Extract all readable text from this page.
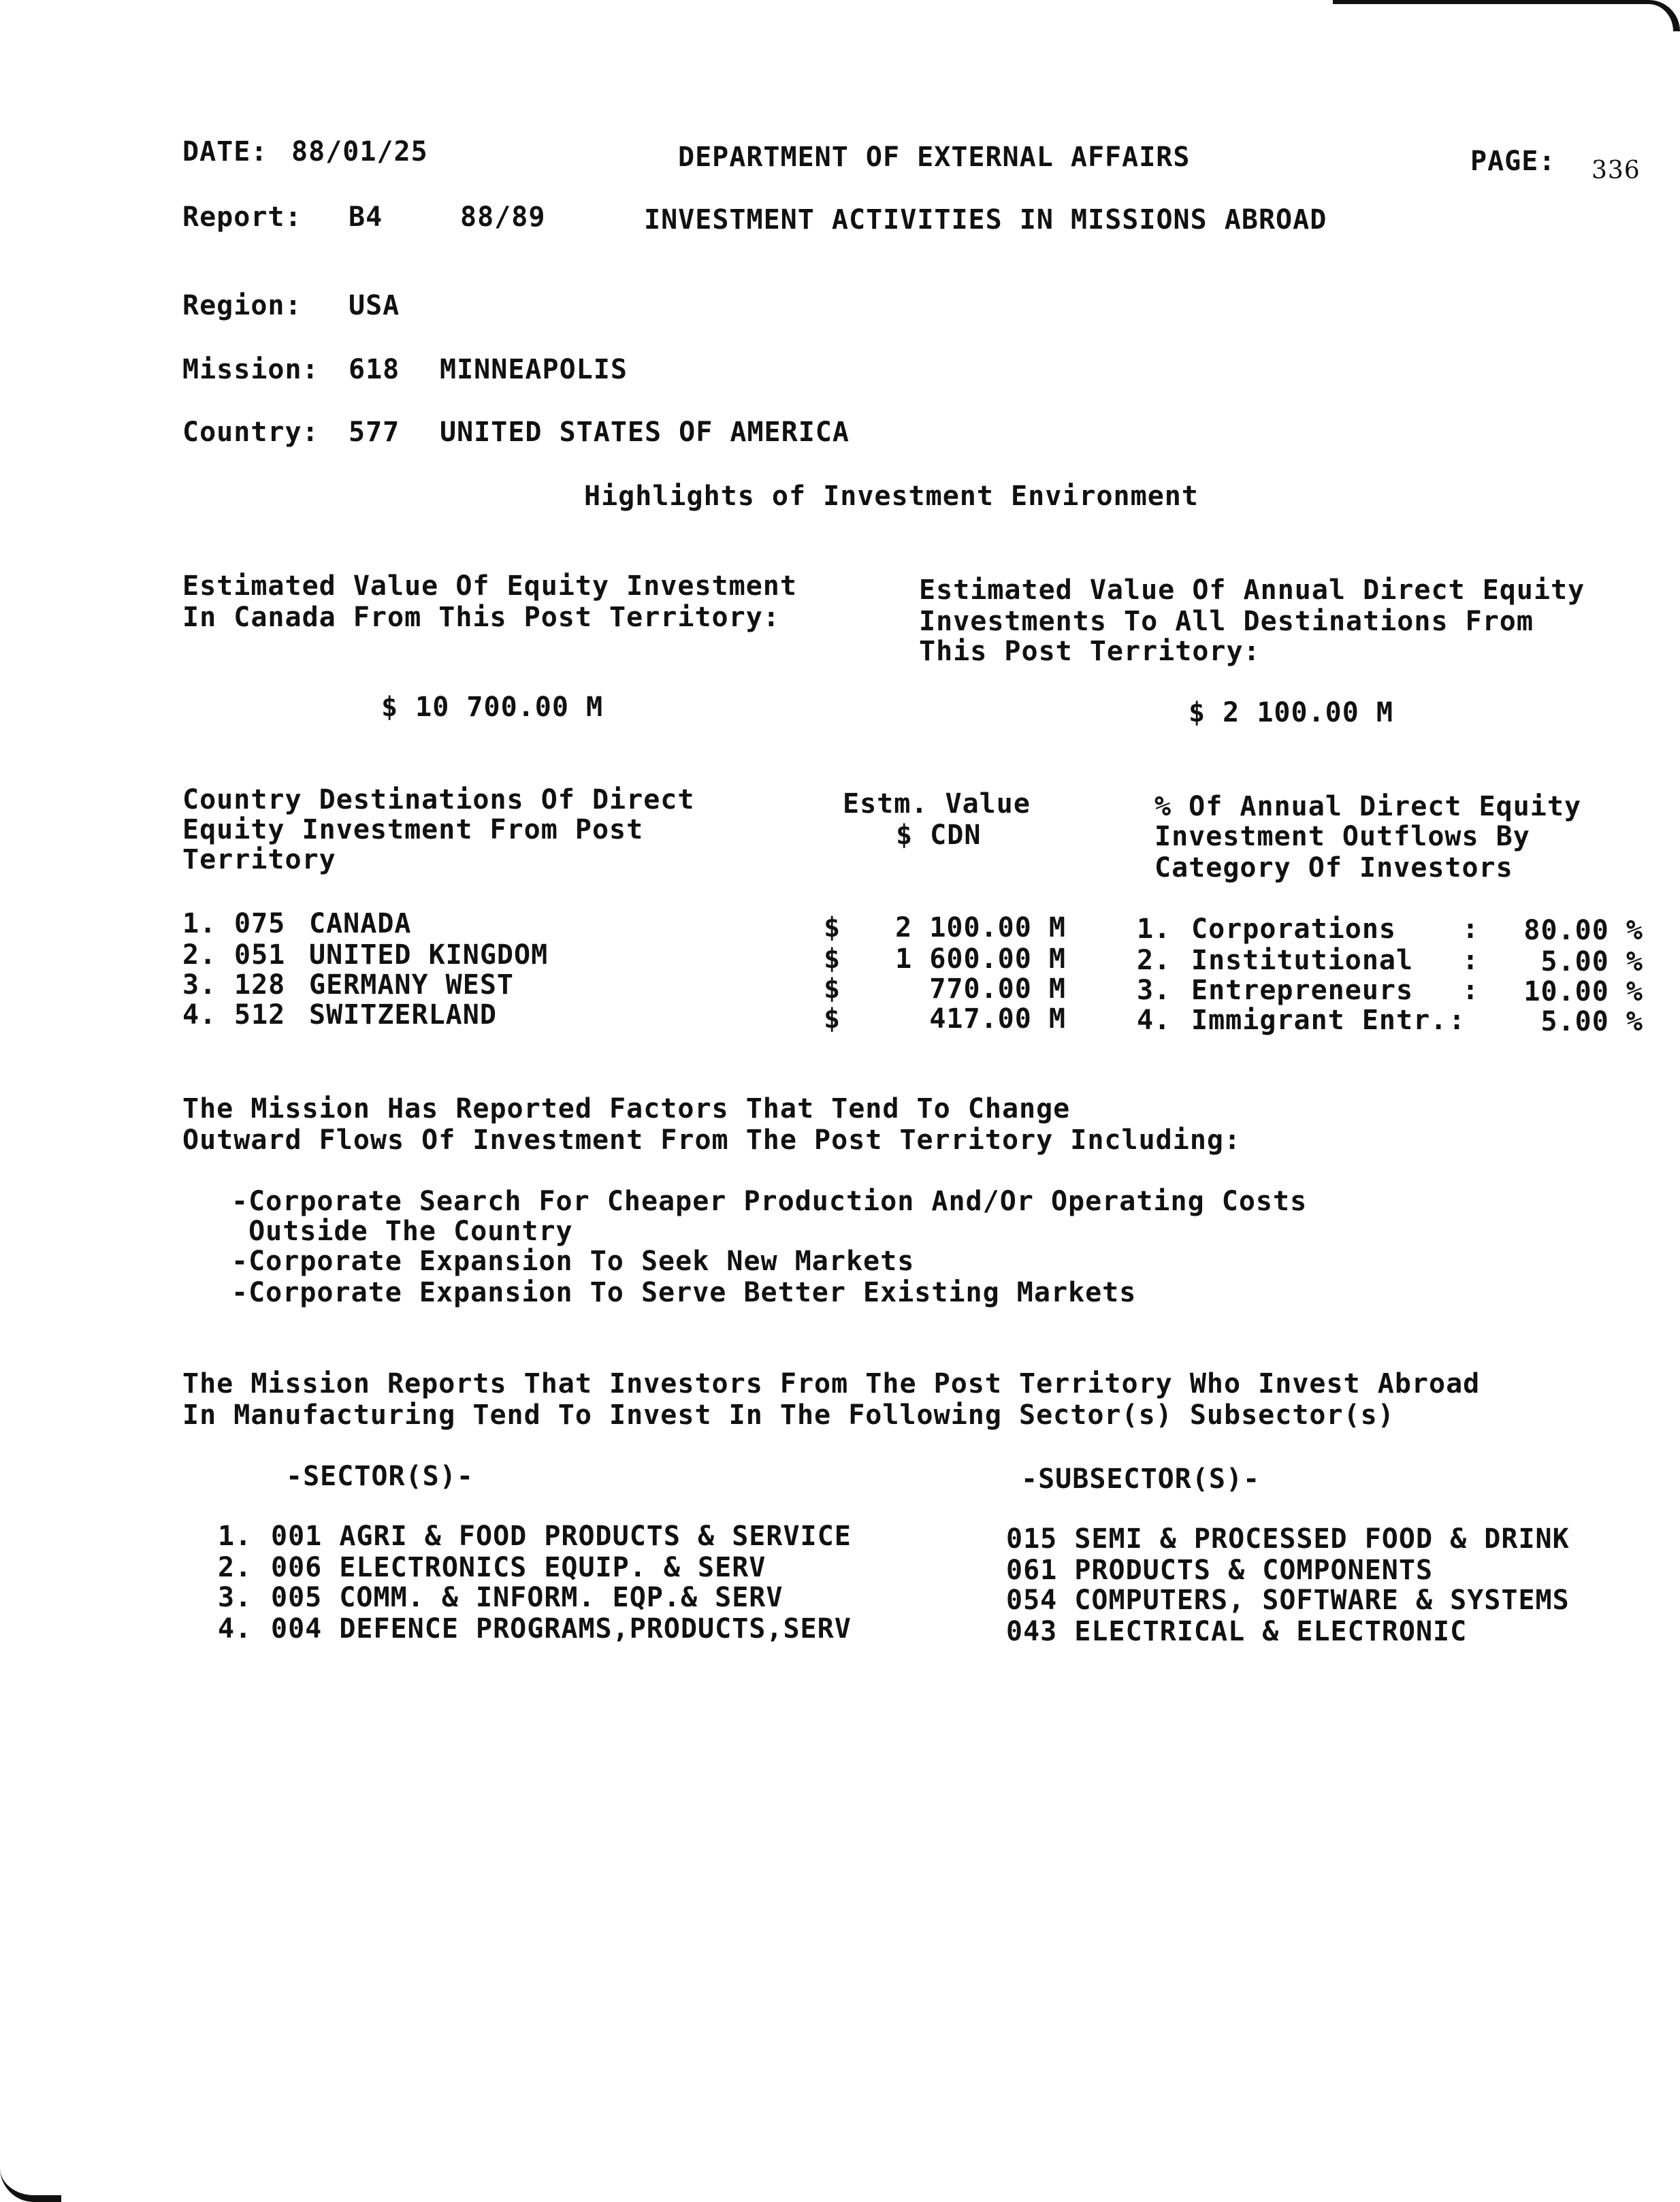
DATE: 88/01/25	DEPARTMENT OF EXTERNAL AFFAIRS	PAGE: 336
Report: B4	88/89	INVESTMENT ACTIVITIES IN MISSIONS ABROAD
Region: USA
Mission: 618 MINNEAPOLIS
Country: 577 UNITED STATES OF AMERICA
Highlights of Investment Environment
Estimated Value Of Equity Investment
In Canada From This Post Territory:
$ 10 700.00 M
Estimated Value Of Annual Direct Equity
Investments To All Destinations From
This Post Territory:
$ 2 100.00 M
Country Destinations Of Direct
Equity Investment From Post
Territory
Estm. Value
$ CDN
% Of Annual Direct Equity
Investment Outflows By
Category Of Investors
1. 075 CANADA	$	2 100.00 M
2. 051 UNITED KINGDOM	$	1 600.00 M
3. 128 GERMANY WEST	$	770.00 M
4. 512 SWITZERLAND	$	417.00 M
1. Corporations :	80.00 %
2. Institutional :	5.00 %
3. Entrepreneurs :	10.00 %
4. Immigrant Entr. :	5.00 %
The Mission Has Reported Factors That Tend To Change
Outward Flows Of Investment From The Post Territory Including:
-Corporate Search For Cheaper Production And/Or Operating Costs
Outside The Country
-Corporate Expansion To Seek New Markets
-Corporate Expansion To Serve Better Existing Markets
The Mission Reports That Investors From The Post Territory Who Invest Abroad
In Manufacturing Tend To Invest In The Following Sector(s) Subsector(s)
-SECTOR(S)-	-SUBSECTOR(S)-
1. 001 AGRI & FOOD PRODUCTS & SERVICE	015 SEMI & PROCESSED FOOD & DRINK
2. 006 ELECTRONICS EQUIP. & SERV	061 PRODUCTS & COMPONENTS
3. 005 COMM. & INFORM. EQP.& SERV	054 COMPUTERS, SOFTWARE & SYSTEMS
4. 004 DEFENCE PROGRAMS,PRODUCTS,SERV	043 ELECTRICAL & ELECTRONIC
